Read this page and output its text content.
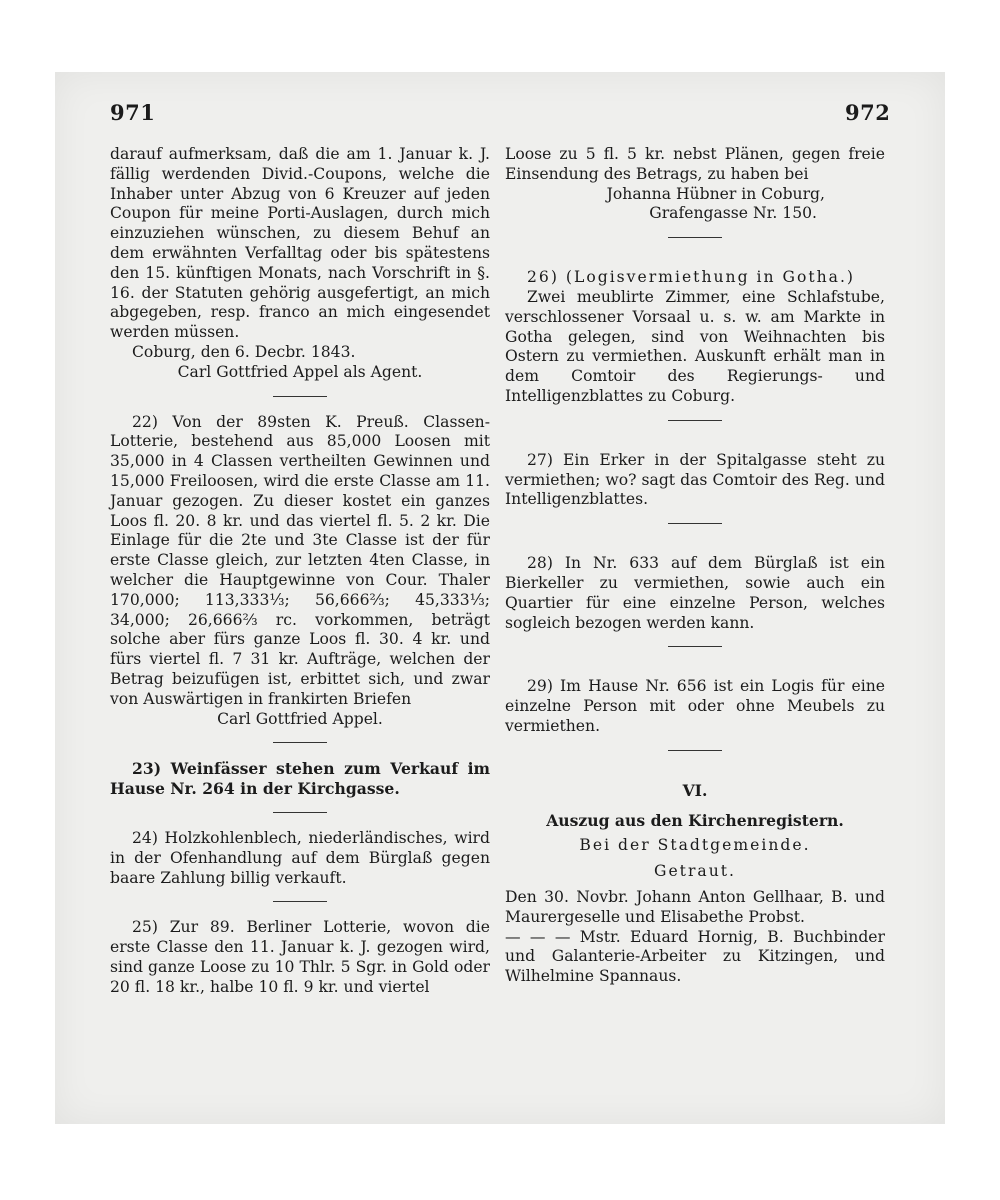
971	972

darauf aufmerksam, daß die am 1. Januar k. J. fällig werdenden Divid.-Coupons, welche die Inhaber unter Abzug von 6 Kreuzer auf jeden Coupon für meine Porti-Auslagen, durch mich einzuziehen wünschen, zu diesem Behuf an dem erwähnten Verfalltag oder bis spätestens den 15. künftigen Monats, nach Vorschrift in §. 16. der Statuten gehörig ausgefertigt, an mich abgegeben, resp. franco an mich eingesendet werden müssen.

Coburg, den 6. Decbr. 1843.

Carl Gottfried Appel als Agent.

22) Von der 89sten K. Preuß. Classen-Lotterie, bestehend aus 85,000 Loosen mit 35,000 in 4 Classen vertheilten Gewinnen und 15,000 Freiloosen, wird die erste Classe am 11. Januar gezogen. Zu dieser kostet ein ganzes Loos fl. 20. 8 kr. und das viertel fl. 5. 2 kr. Die Einlage für die 2te und 3te Classe ist der für erste Classe gleich, zur letzten 4ten Classe, in welcher die Hauptgewinne von Cour. Thaler 170,000; 113,333⅓; 56,666⅔; 45,333⅓; 34,000; 26,666⅔ rc. vorkommen, beträgt solche aber fürs ganze Loos fl. 30. 4 kr. und fürs viertel fl. 7 31 kr. Aufträge, welchen der Betrag beizufügen ist, erbittet sich, und zwar von Auswärtigen in frankirten Briefen

Carl Gottfried Appel.

23) Weinfässer stehen zum Verkauf im Hause Nr. 264 in der Kirchgasse.

24) Holzkohlenblech, niederländisches, wird in der Ofenhandlung auf dem Bürglaß gegen baare Zahlung billig verkauft.

25) Zur 89. Berliner Lotterie, wovon die erste Classe den 11. Januar k. J. gezogen wird, sind ganze Loose zu 10 Thlr. 5 Sgr. in Gold oder 20 fl. 18 kr., halbe 10 fl. 9 kr. und viertel

Loose zu 5 fl. 5 kr. nebst Plänen, gegen freie Einsendung des Betrags, zu haben bei

Johanna Hübner in Coburg,

Grafengasse Nr. 150.

26) (Logisvermiethung in Gotha.)

Zwei meublirte Zimmer, eine Schlafstube, verschlossener Vorsaal u. s. w. am Markte in Gotha gelegen, sind von Weihnachten bis Ostern zu vermiethen. Auskunft erhält man in dem Comtoir des Regierungs- und Intelligenzblattes zu Coburg.

27) Ein Erker in der Spitalgasse steht zu vermiethen; wo? sagt das Comtoir des Reg. und Intelligenzblattes.

28) In Nr. 633 auf dem Bürglaß ist ein Bierkeller zu vermiethen, sowie auch ein Quartier für eine einzelne Person, welches sogleich bezogen werden kann.

29) Im Hause Nr. 656 ist ein Logis für eine einzelne Person mit oder ohne Meubels zu vermiethen.

VI.

Auszug aus den Kirchenregistern.

Bei der Stadtgemeinde.

Getraut.

Den 30. Novbr. Johann Anton Gellhaar, B. und Maurergeselle und Elisabethe Probst.

— — — Mstr. Eduard Hornig, B. Buchbinder und Galanterie-Arbeiter zu Kitzingen, und Wilhelmine Spannaus.
